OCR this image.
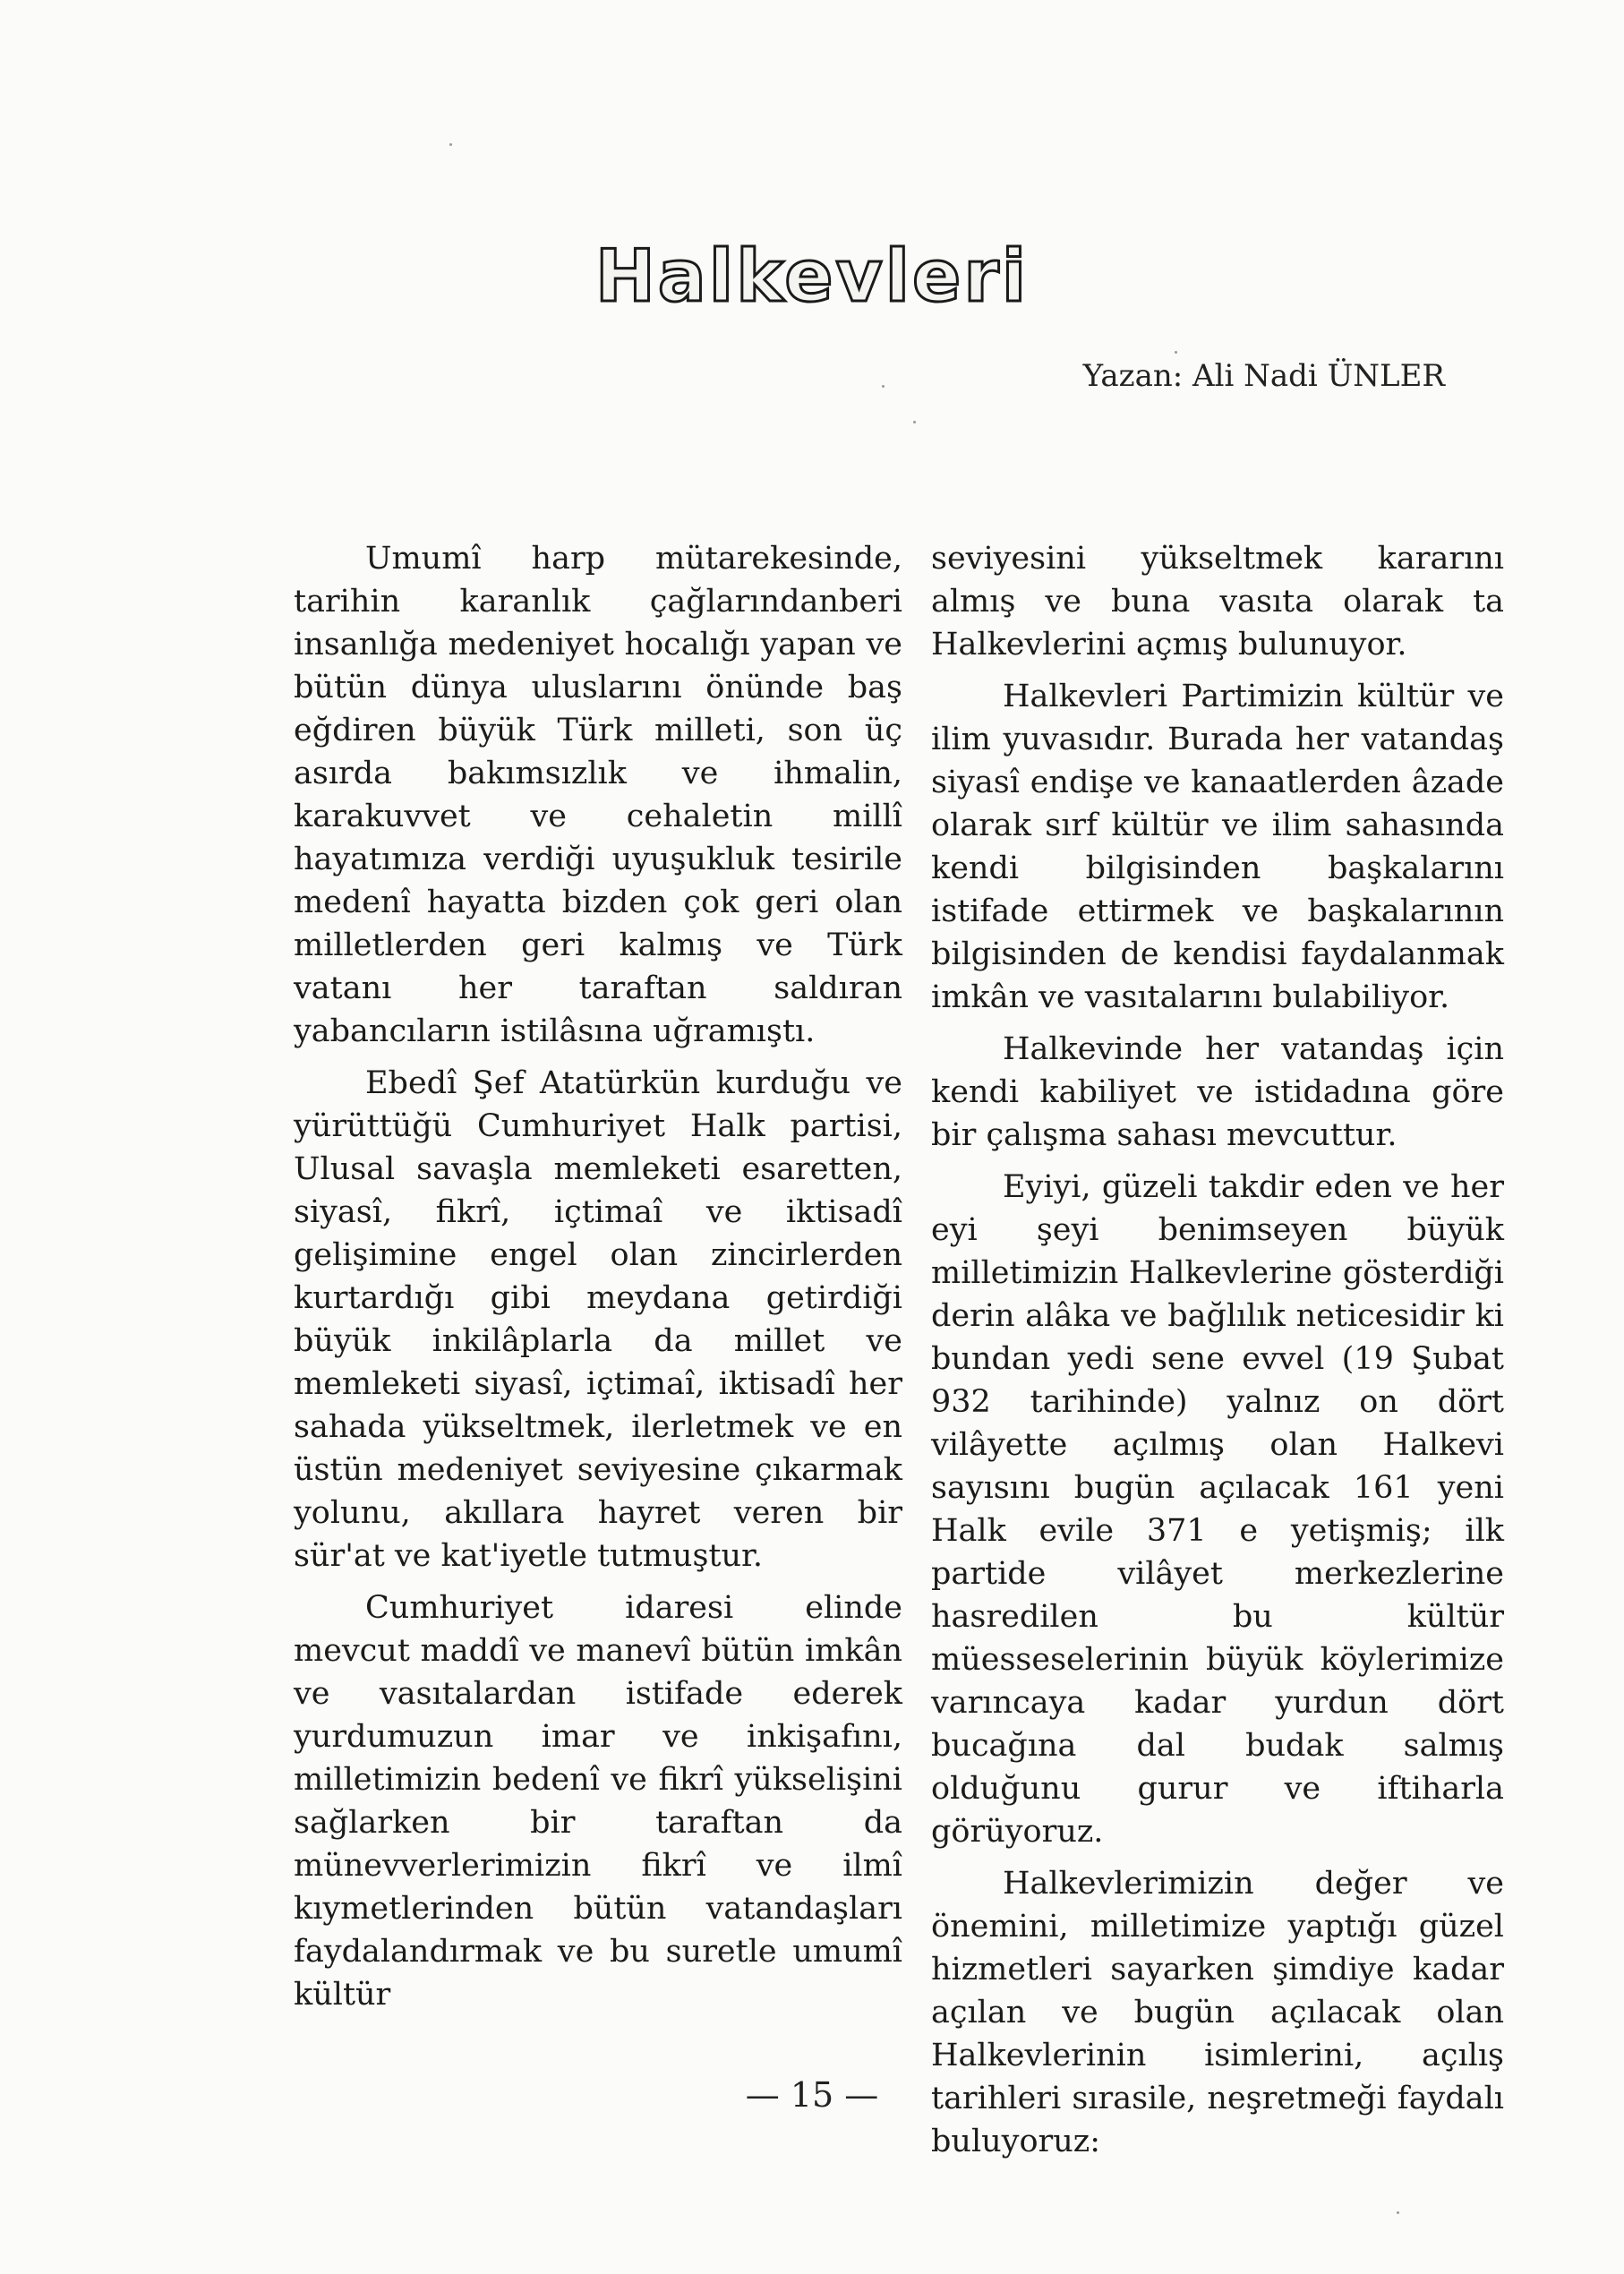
Halkevleri
Yazan: Ali Nadi ÜNLER

Umumî harp mütarekesinde, tarihin karanlık çağlarındanberi insanlığa medeniyet hocalığı yapan ve bütün dünya uluslarını önünde baş eğdiren büyük Türk milleti, son üç asırda bakımsızlık ve ihmalin, karakuvvet ve cehaletin millî hayatımıza verdiği uyuşukluk tesirile medenî hayatta bizden çok geri olan milletlerden geri kalmış ve Türk vatanı her taraftan saldıran yabancıların istilâsına uğramıştı.

Ebedî Şef Atatürkün kurduğu ve yürüttüğü Cumhuriyet Halk partisi, Ulusal savaşla memleketi esaretten, siyasî, fikrî, içtimaî ve iktisadî gelişimine engel olan zincirlerden kurtardığı gibi meydana getirdiği büyük inkilâplarla da millet ve memleketi siyasî, içtimaî, iktisadî her sahada yükseltmek, ilerletmek ve en üstün medeniyet seviyesine çıkarmak yolunu, akıllara hayret veren bir sür'at ve kat'iyetle tutmuştur.

Cumhuriyet idaresi elinde mevcut maddî ve manevî bütün imkân ve vasıtalardan istifade ederek yurdumuzun imar ve inkişafını, milletimizin bedenî ve fikrî yükselişini sağlarken bir taraftan da münevverlerimizin fikrî ve ilmî kıymetlerinden bütün vatandaşları faydalandırmak ve bu suretle umumî kültür

seviyesini yükseltmek kararını almış ve buna vasıta olarak ta Halkevlerini açmış bulunuyor.

Halkevleri Partimizin kültür ve ilim yuvasıdır. Burada her vatandaş siyasî endişe ve kanaatlerden âzade olarak sırf kültür ve ilim sahasında kendi bilgisinden başkalarını istifade ettirmek ve başkalarının bilgisinden de kendisi faydalanmak imkân ve vasıtalarını bulabiliyor.

Halkevinde her vatandaş için kendi kabiliyet ve istidadına göre bir çalışma sahası mevcuttur.

Eyiyi, güzeli takdir eden ve her eyi şeyi benimseyen büyük milletimizin Halkevlerine gösterdiği derin alâka ve bağlılık neticesidir ki bundan yedi sene evvel (19 Şubat 932 tarihinde) yalnız on dört vilâyette açılmış olan Halkevi sayısını bugün açılacak 161 yeni Halk evile 371 e yetişmiş; ilk partide vilâyet merkezlerine hasredilen bu kültür müesseselerinin büyük köylerimize varıncaya kadar yurdun dört bucağına dal budak salmış olduğunu gurur ve iftiharla görüyoruz.

Halkevlerimizin değer ve önemini, milletimize yaptığı güzel hizmetleri sayarken şimdiye kadar açılan ve bugün açılacak olan Halkevlerinin isimlerini, açılış tarihleri sırasile, neşretmeği faydalı buluyoruz:

— 15 —
